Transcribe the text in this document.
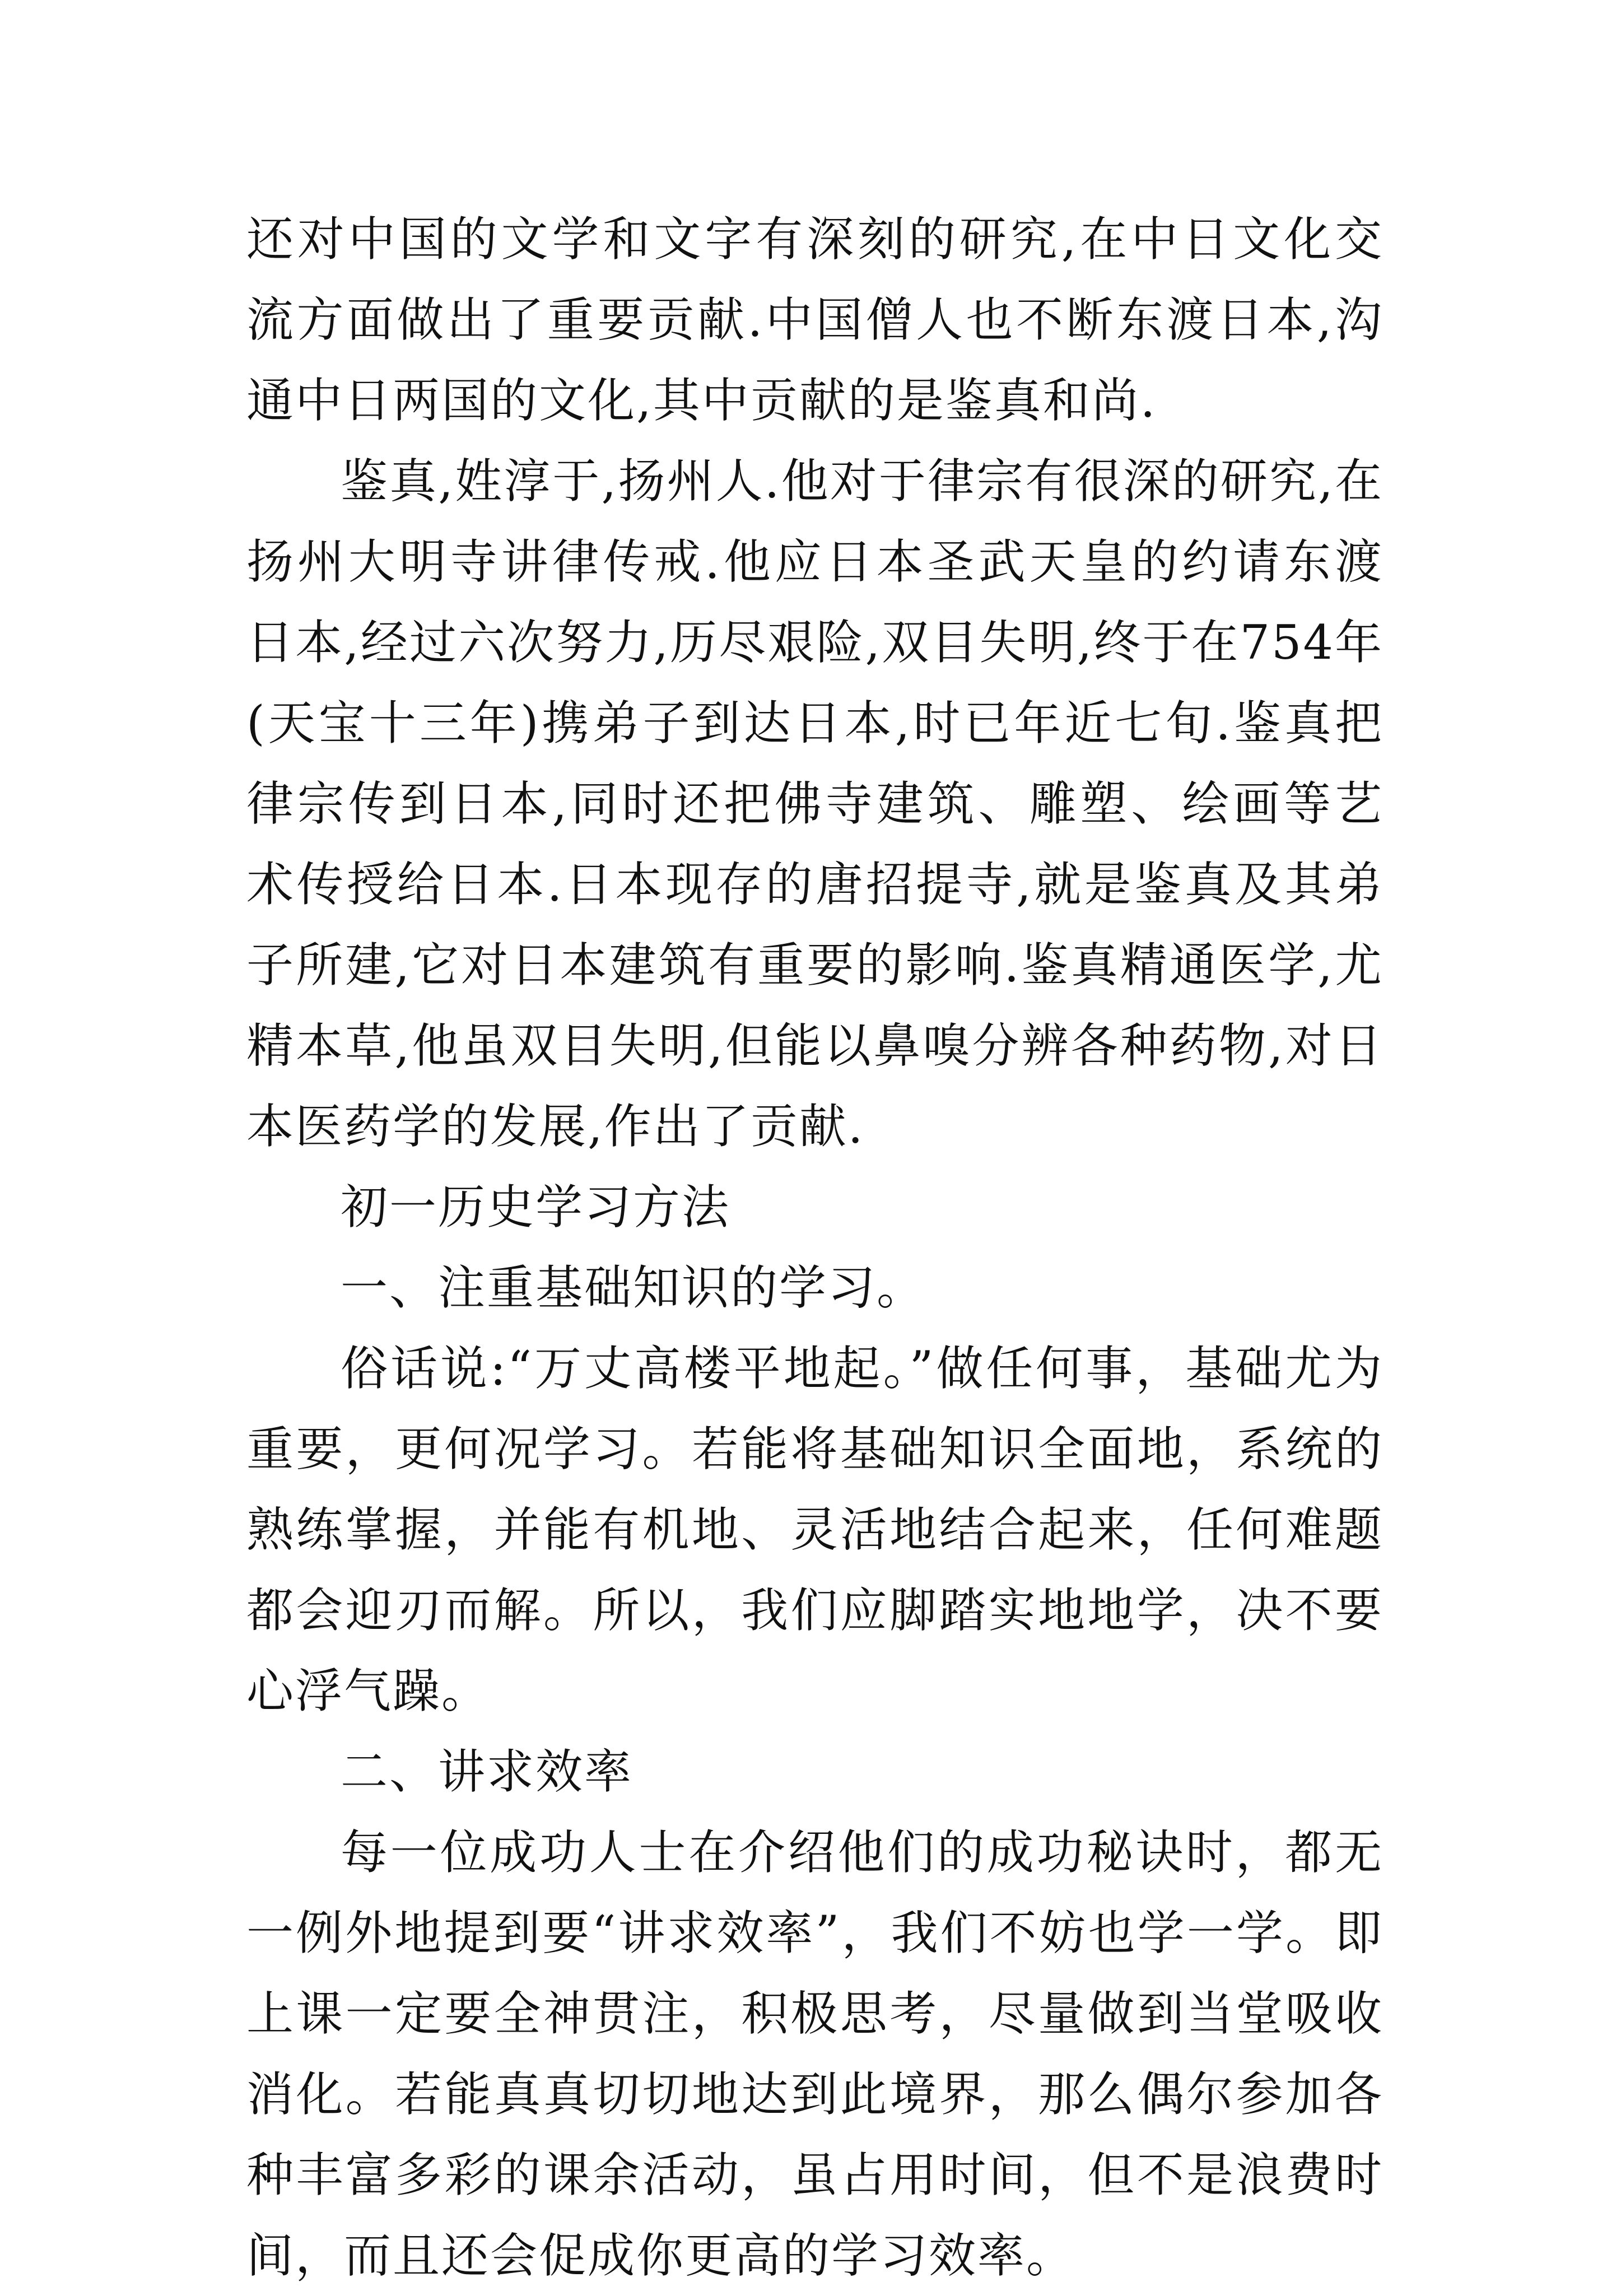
还对中国的文学和文字有深刻的研究,在中日文化交流方面做出了重要贡献.中国僧人也不断东渡日本,沟通中日两国的文化,其中贡献的是鉴真和尚.

鉴真,姓淳于,扬州人.他对于律宗有很深的研究,在扬州大明寺讲律传戒.他应日本圣武天皇的约请东渡日本,经过六次努力,历尽艰险,双目失明,终于在754年(天宝十三年)携弟子到达日本,时已年近七旬.鉴真把律宗传到日本,同时还把佛寺建筑、雕塑、绘画等艺术传授给日本.日本现存的唐招提寺,就是鉴真及其弟子所建,它对日本建筑有重要的影响.鉴真精通医学,尤精本草,他虽双目失明,但能以鼻嗅分辨各种药物,对日本医药学的发展,作出了贡献.

初一历史学习方法

一、注重基础知识的学习。

俗话说:“万丈高楼平地起。”做任何事，基础尤为重要，更何况学习。若能将基础知识全面地，系统的熟练掌握，并能有机地、灵活地结合起来，任何难题都会迎刃而解。所以，我们应脚踏实地地学，决不要心浮气躁。

二、讲求效率

每一位成功人士在介绍他们的成功秘诀时，都无一例外地提到要“讲求效率”，我们不妨也学一学。即上课一定要全神贯注，积极思考，尽量做到当堂吸收消化。若能真真切切地达到此境界，那么偶尔参加各种丰富多彩的课余活动，虽占用时间，但不是浪费时间，而且还会促成你更高的学习效率。
